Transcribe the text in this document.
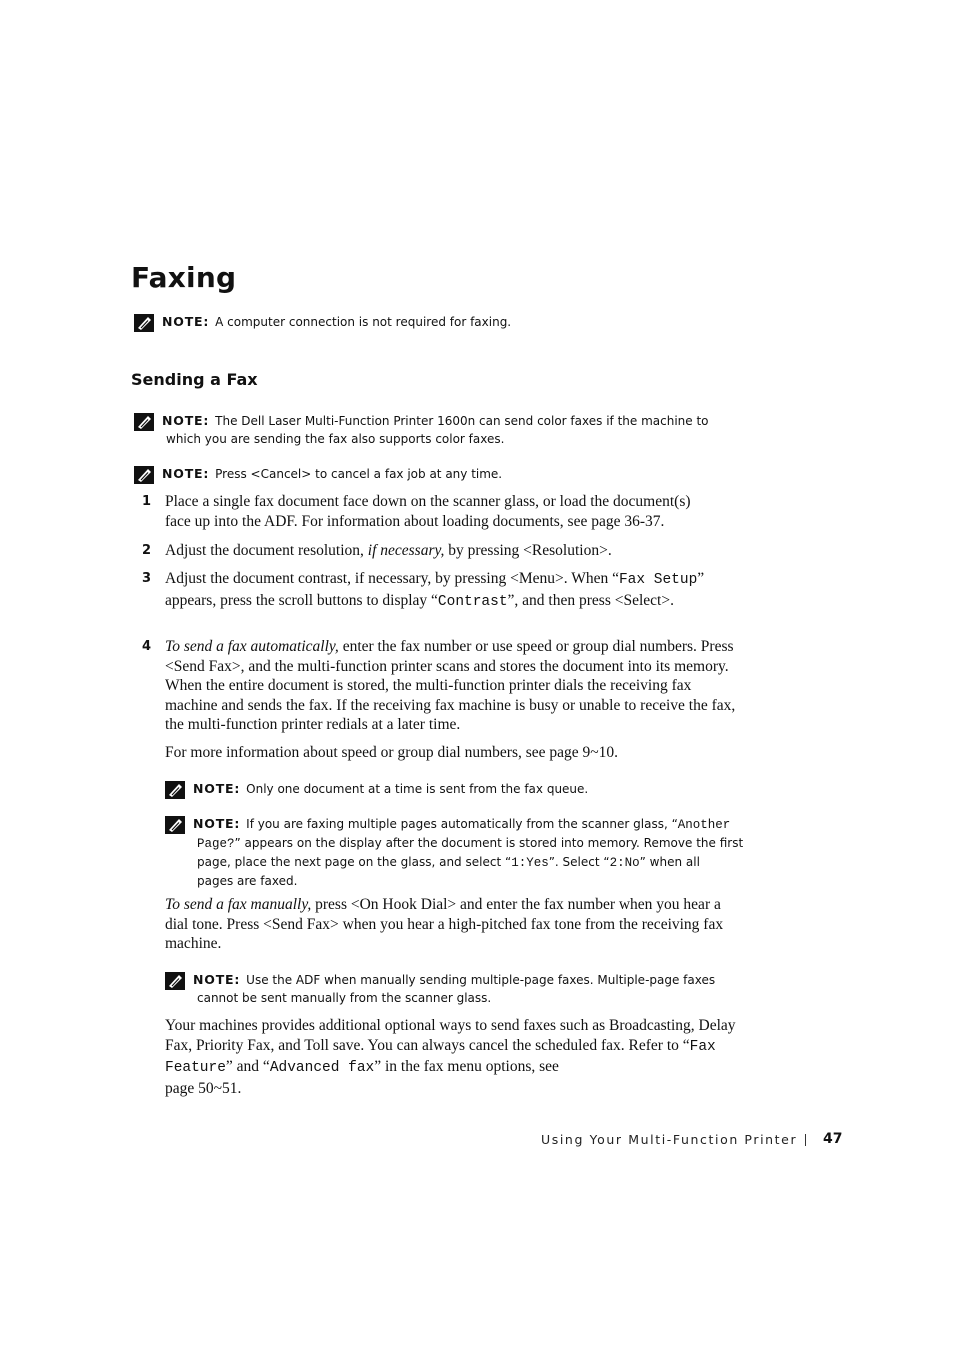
Faxing
NOTE: A computer connection is not required for faxing.
Sending a Fax
NOTE: The Dell Laser Multi-Function Printer 1600n can send color faxes if the machine to
which you are sending the fax also supports color faxes.
NOTE: Press <Cancel> to cancel a fax job at any time.
1 Place a single fax document face down on the scanner glass, or load the document(s)
face up into the ADF. For information about loading documents, see page 36-37.
2 Adjust the document resolution, if necessary, by pressing <Resolution>.
3 Adjust the document contrast, if necessary, by pressing <Menu>. When “Fax Setup” appears, press the scroll buttons to display “Contrast”, and then press <Select>.
4 To send a fax automatically, enter the fax number or use speed or group dial numbers. Press <Send Fax>, and the multi-function printer scans and stores the document into its memory. When the entire document is stored, the multi-function printer dials the receiving fax machine and sends the fax. If the receiving fax machine is busy or unable to receive the fax, the multi-function printer redials at a later time.
For more information about speed or group dial numbers, see page 9~10.
NOTE: Only one document at a time is sent from the fax queue.
NOTE: If you are faxing multiple pages automatically from the scanner glass, “Another
Page?” appears on the display after the document is stored into memory. Remove the first
page, place the next page on the glass, and select “1:Yes”. Select “2:No” when all
pages are faxed.
To send a fax manually, press <On Hook Dial> and enter the fax number when you hear a dial tone. Press <Send Fax> when you hear a high-pitched fax tone from the receiving fax machine.
NOTE: Use the ADF when manually sending multiple-page faxes. Multiple-page faxes
cannot be sent manually from the scanner glass.
Your machines provides additional optional ways to send faxes such as Broadcasting, Delay Fax, Priority Fax, and Toll save. You can always cancel the scheduled fax. Refer to “Fax Feature” and “Advanced fax” in the fax menu options, see
page 50~51.
Using Your Multi-Function Printer 47
